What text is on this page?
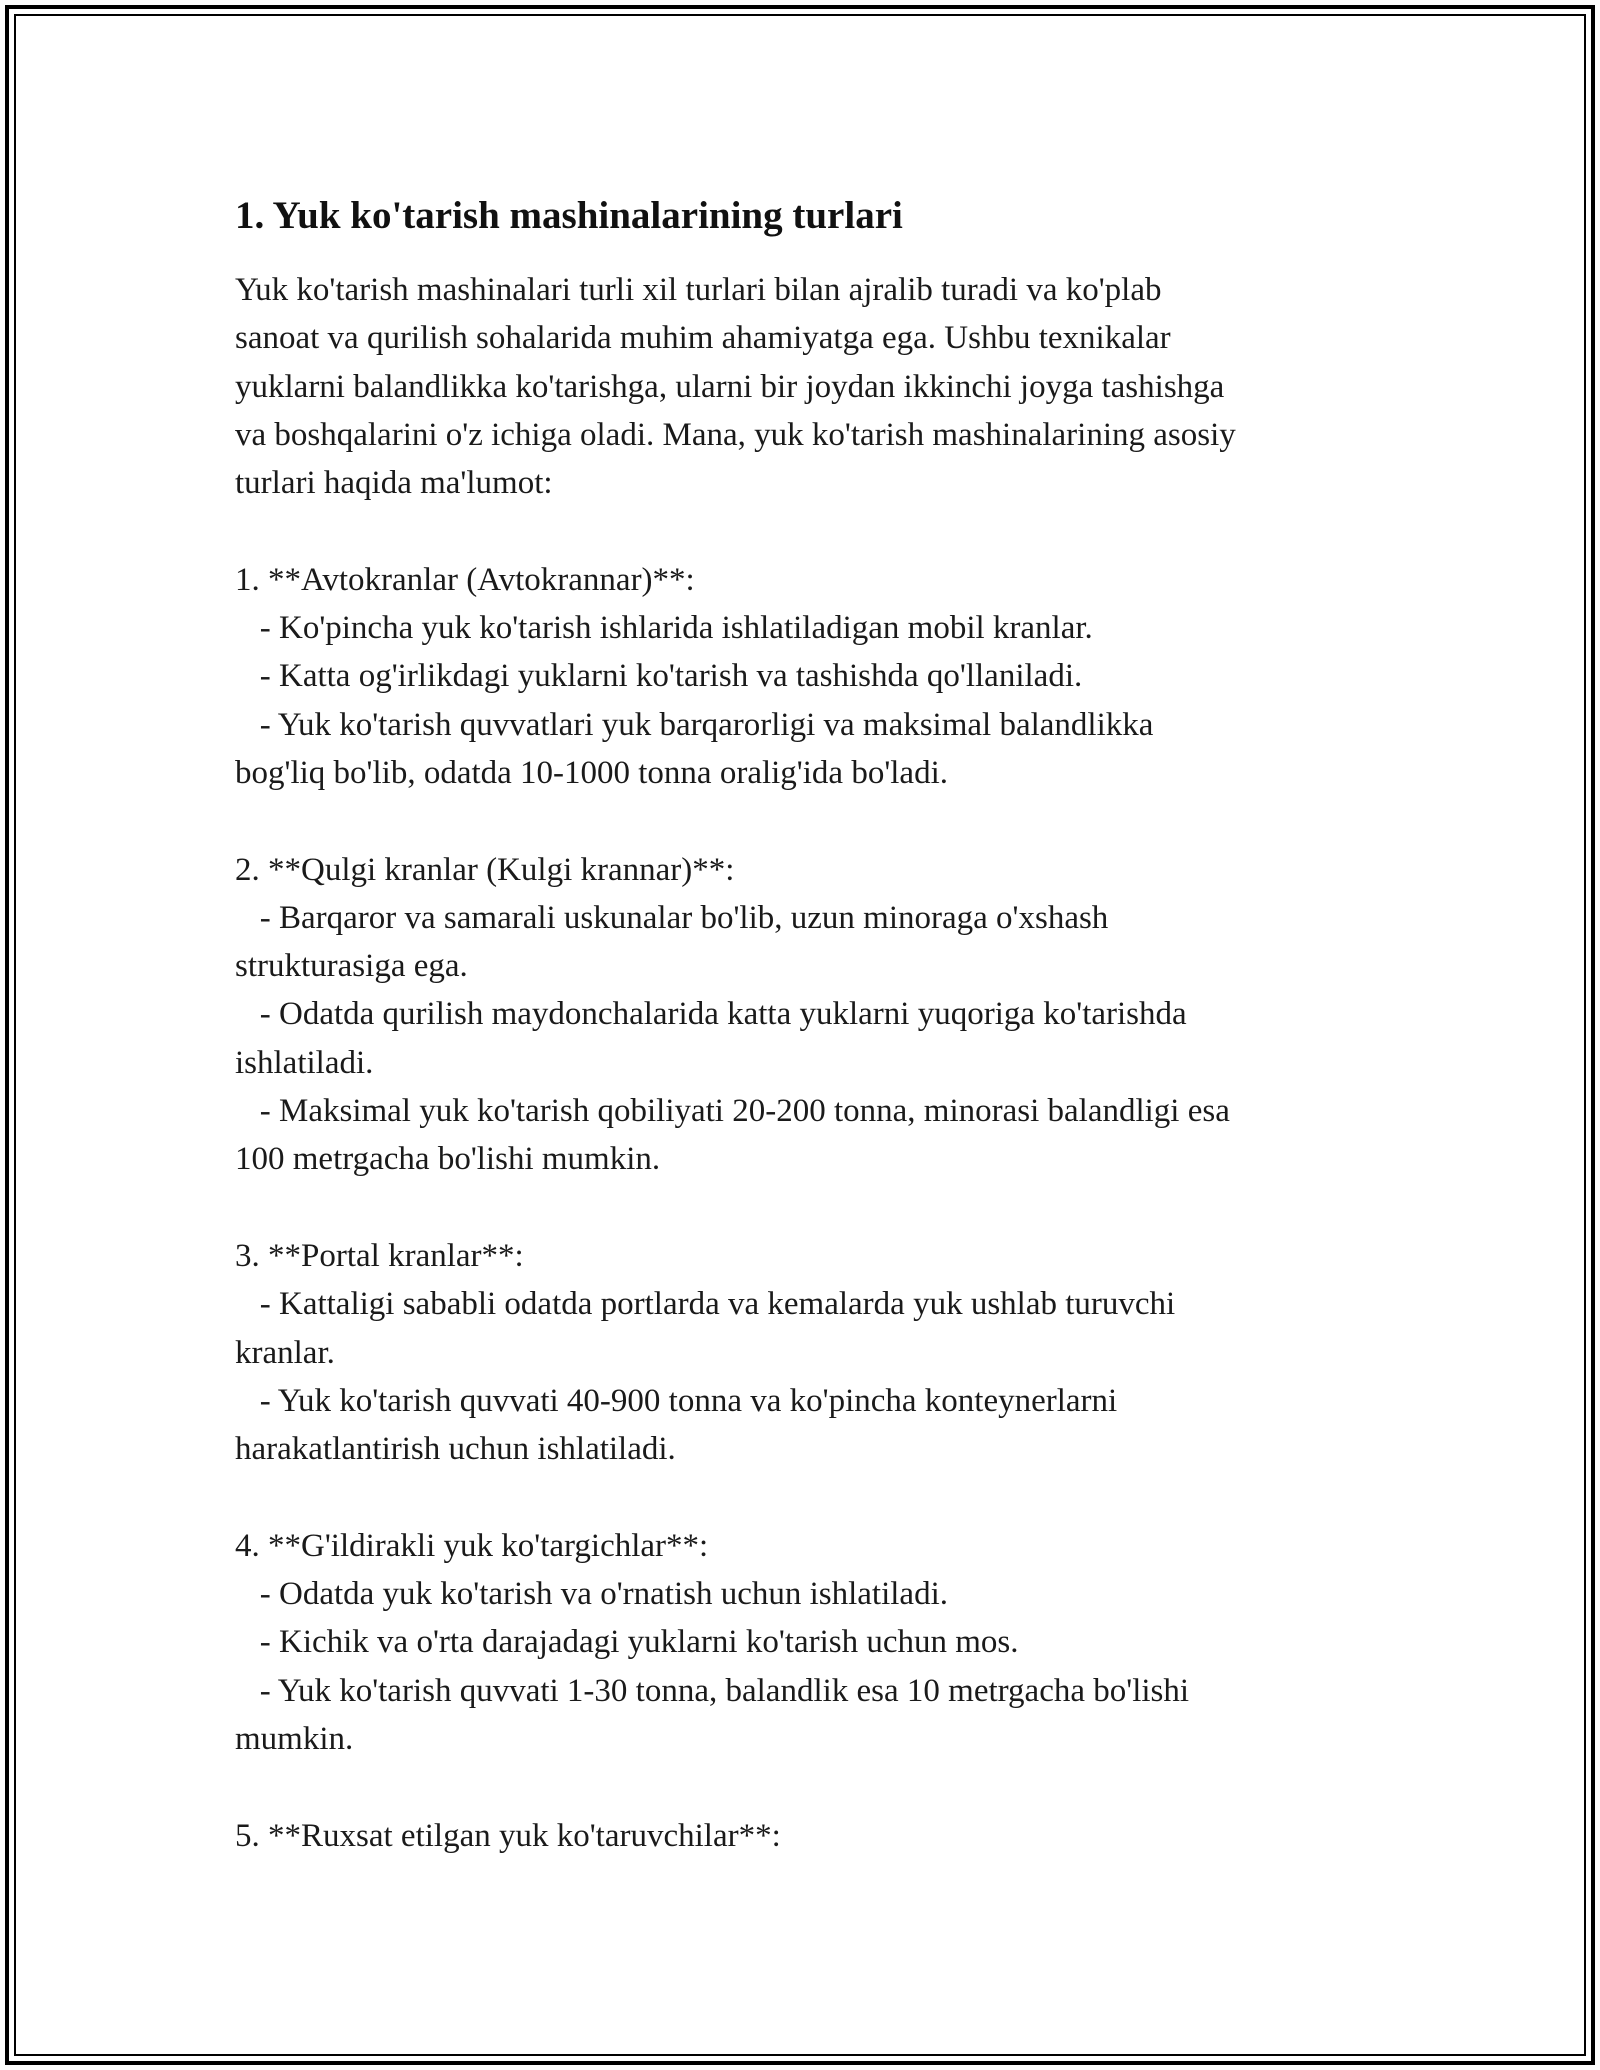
1. Yuk ko'tarish mashinalarining turlari

Yuk ko'tarish mashinalari turli xil turlari bilan ajralib turadi va ko'plab
sanoat va qurilish sohalarida muhim ahamiyatga ega. Ushbu texnikalar
yuklarni balandlikka ko'tarishga, ularni bir joydan ikkinchi joyga tashishga
va boshqalarini o'z ichiga oladi. Mana, yuk ko'tarish mashinalarining asosiy
turlari haqida ma'lumot:

1. **Avtokranlar (Avtokrannar)**:
- Ko'pincha yuk ko'tarish ishlarida ishlatiladigan mobil kranlar.
- Katta og'irlikdagi yuklarni ko'tarish va tashishda qo'llaniladi.
- Yuk ko'tarish quvvatlari yuk barqarorligi va maksimal balandlikka
bog'liq bo'lib, odatda 10-1000 tonna oralig'ida bo'ladi.

2. **Qulgi kranlar (Kulgi krannar)**:
- Barqaror va samarali uskunalar bo'lib, uzun minoraga o'xshash
strukturasiga ega.
- Odatda qurilish maydonchalarida katta yuklarni yuqoriga ko'tarishda
ishlatiladi.
- Maksimal yuk ko'tarish qobiliyati 20-200 tonna, minorasi balandligi esa
100 metrgacha bo'lishi mumkin.

3. **Portal kranlar**:
- Kattaligi sababli odatda portlarda va kemalarda yuk ushlab turuvchi
kranlar.
- Yuk ko'tarish quvvati 40-900 tonna va ko'pincha konteynerlarni
harakatlantirish uchun ishlatiladi.

4. **G'ildirakli yuk ko'targichlar**:
- Odatda yuk ko'tarish va o'rnatish uchun ishlatiladi.
- Kichik va o'rta darajadagi yuklarni ko'tarish uchun mos.
- Yuk ko'tarish quvvati 1-30 tonna, balandlik esa 10 metrgacha bo'lishi
mumkin.

5. **Ruxsat etilgan yuk ko'taruvchilar**:
